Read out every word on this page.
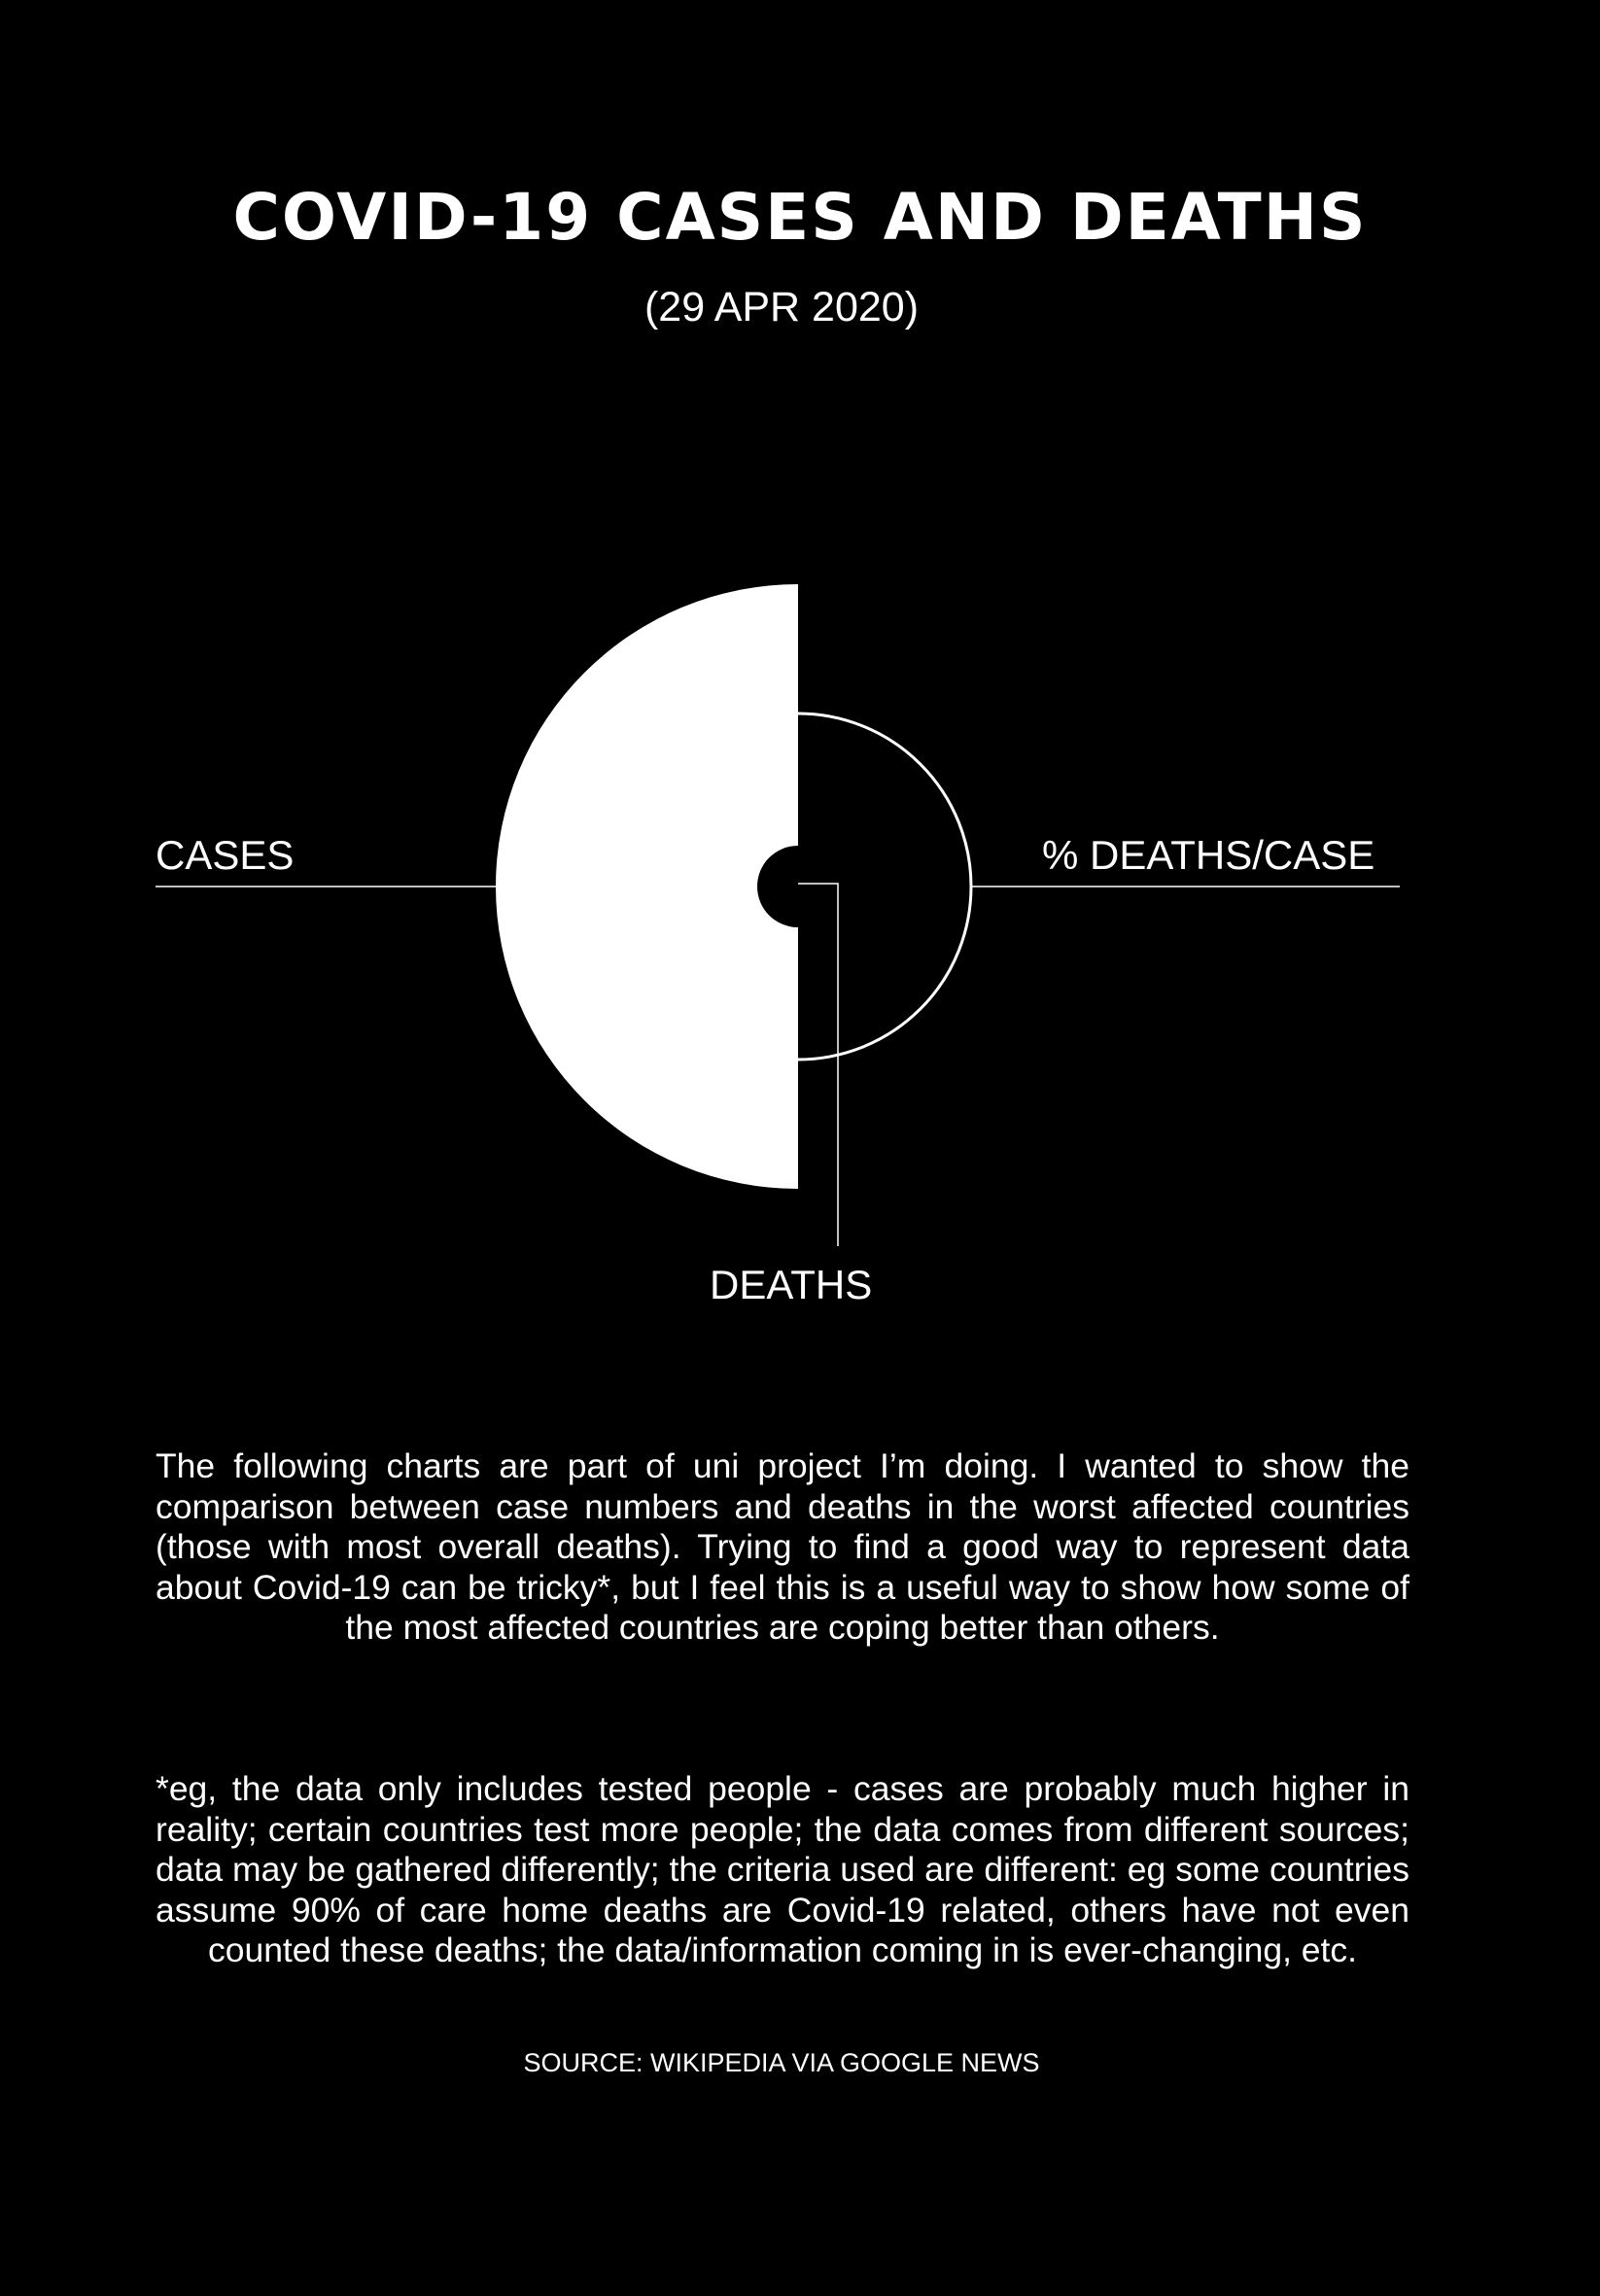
COVID-19 CASES AND DEATHS

(29 APR 2020)

CASES	% DEATHS/CASE
DEATHS

The following charts are part of uni project I’m doing. I wanted to show the comparison between case numbers and deaths in the worst affected countries (those with most overall deaths). Trying to find a good way to represent data about Covid-19 can be tricky*, but I feel this is a useful way to show how some of the most affected countries are coping better than others.

*eg, the data only includes tested people - cases are probably much higher in reality; certain countries test more people; the data comes from different sources; data may be gathered differently; the criteria used are different: eg some countries assume 90% of care home deaths are Covid-19 related, others have not even counted these deaths; the data/information coming in is ever-changing, etc.

SOURCE: WIKIPEDIA VIA GOOGLE NEWS
